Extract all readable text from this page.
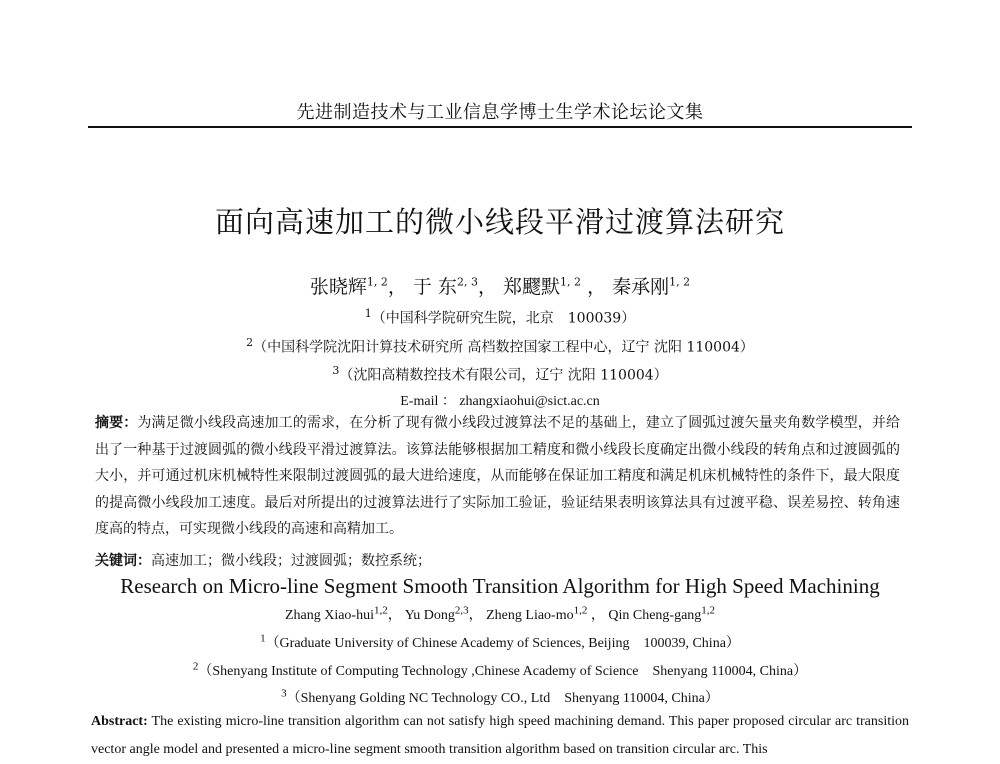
先进制造技术与工业信息学博士生学术论坛论文集
面向高速加工的微小线段平滑过渡算法研究
张晓辉$^{1, 2}$， 于 东$^{2, 3}$， 郑飂默$^{1, 2}$ ， 秦承刚$^{1, 2}$
$^1$（中国科学院研究生院，北京　100039）
$^2$（中国科学院沈阳计算技术研究所 高档数控国家工程中心，辽宁 沈阳 110004）
$^3$（沈阳高精数控技术有限公司，辽宁 沈阳 110004）
E-mail ： zhangxiaohui@sict.ac.cn
摘要：为满足微小线段高速加工的需求，在分析了现有微小线段过渡算法不足的基础上，建立了圆弧过渡矢量夹角数学模型，并给出了一种基于过渡圆弧的微小线段平滑过渡算法。该算法能够根据加工精度和微小线段长度确定出微小线段的转角点和过渡圆弧的大小，并可通过机床机械特性来限制过渡圆弧的最大进给速度，从而能够在保证加工精度和满足机床机械特性的条件下，最大限度的提高微小线段加工速度。最后对所提出的过渡算法进行了实际加工验证，验证结果表明该算法具有过渡平稳、误差易控、转角速度高的特点，可实现微小线段的高速和高精加工。
关键词：高速加工；微小线段；过渡圆弧；数控系统；
Research on Micro-line Segment Smooth Transition Algorithm for High Speed Machining
Zhang Xiao-hui$^{1,2}$， Yu Dong$^{2,3}$， Zheng Liao-mo$^{1,2}$ ， Qin Cheng-gang$^{1,2}$
$^1$（Graduate University of Chinese Academy of Sciences, Beijing　100039, China）
$^2$（Shenyang Institute of Computing Technology ,Chinese Academy of Science　Shenyang 110004, China）
$^3$（Shenyang Golding NC Technology CO., Ltd　Shenyang 110004, China）
Abstract: The existing micro-line transition algorithm can not satisfy high speed machining demand. This paper proposed circular arc transition vector angle model and presented a micro-line segment smooth transition algorithm based on transition circular arc. This
